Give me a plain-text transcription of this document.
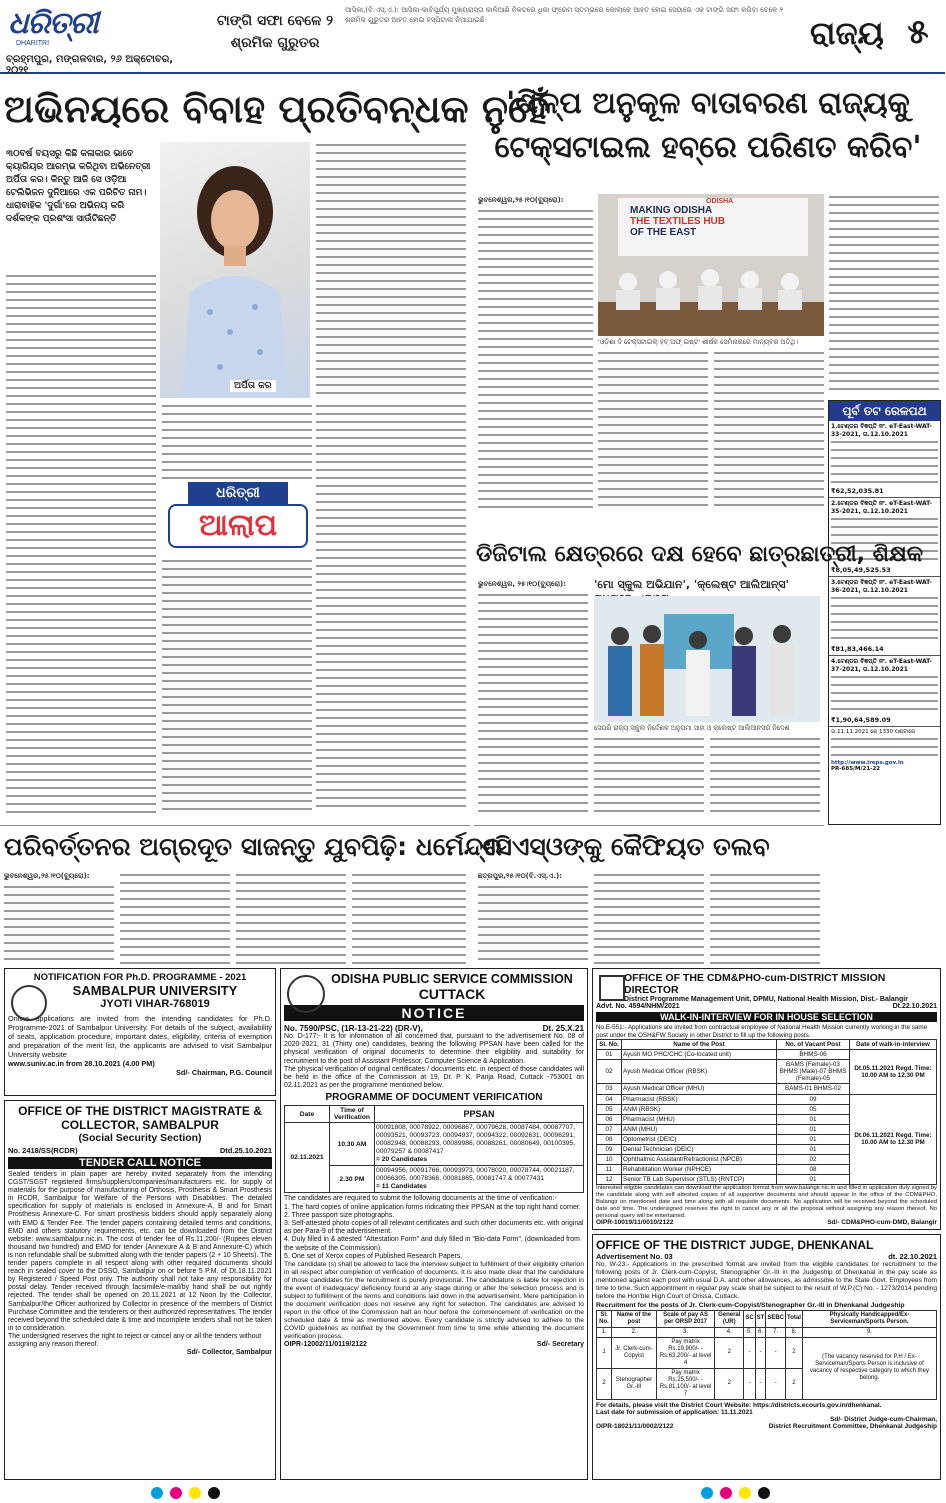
ଧରିତ୍ରୀ
DHARITRI
ବ୍ରହ୍ମପୁର, ମଙ୍ଗଳବାର, ୨୬ ଅକ୍ଟୋବର, ୨୦୨୧
ଟାଙ୍ଗି ସଫା ବେଳେ ୨
ଶ୍ରମିକ ଗୁରୁତର
ଆସିକା,(ବି.ଏସ୍.ଏ.): ଆସିକା-କାବିସୂର୍ଯ୍ୟ ମୁଖ୍ୟରାସ୍ତା କାଳିଆଣି ନିକଟରେ ଧିକା ଫ୍ରେମ ସ୍ତମ୍ଭରେ କୋଲାକେ ଆହତ ହୋଇ ସେଠାରେ ଏକ ଟାଙ୍ଗି ସଫା କରିବା ବେଳେ ୨ ଶ୍ରମିକ ଗୁରୁତର ଆହତ ହୋଇ ହସ୍ପିଟାଲ ନିଆଯାଇଛି	ରାଜ୍ୟ ୫
ଅଭିନୟରେ ବିବାହ ପ୍ରତିବନ୍ଧକ ନୁହେଁ
୩୦ବର୍ଷ ବୟସରୁ କିଛି କଳାକାର ଭାବେ କ୍ୟାରିୟର ଆରମ୍ଭ କରିଥିବା ଅଭିନେତ୍ରୀ ଅର୍ପିତା କର। କିନ୍ତୁ ଆଜି ସେ ଓଡ଼ିଆ ଟେଲିଭିଜନ ଦୁନିଆରେ ଏକ ପରିଚିତ ନାମ। ଧାରାବାହିକ 'ଦୁର୍ଗା'ରେ ଅଭିନୟ କରି ଦର୍ଶକଙ୍କ ପ୍ରଶଂସା ସାଉଁଟିଛନ୍ତି
ଅର୍ପିତା କର
ଧରିତ୍ରୀ
ଆଲାପ
'ଶିଳ୍ପ ଅନୁକୂଳ ବାତାବରଣ ରାଜ୍ୟକୁ
ଟେକ୍ସଟାଇଲ ହବ୍‌ରେ ପରିଣତ କରିବ'
ଭୁବନେଶ୍ୱର,୨୫।୧୦(ବ୍ୟୁରୋ):	ODISHA
MAKING ODISHA
THE TEXTILES HUB
OF THE EAST
'ଓଡ଼ିଶା ଦି ଟେକ୍ସଟାଇଲ୍ ହବ୍ ଅଫ୍ ଇଷ୍ଟ' ଶୀର୍ଷକ ସେମିନାରରେ ମାନ୍ୟବର ଅତିଥି।
ପୂର୍ବ ତଟ ରେଳପଥ
1.ଟେଣ୍ଡର ବିଜ୍ଞପ୍ତି ନଂ. eT-East-WAT-33-2021, ତା.12.10.2021
₹62,52,035.81
2.ଟେଣ୍ଡର ବିଜ୍ଞପ୍ତି ନଂ. eT-East-WAT-35-2021, ତା.12.10.2021
₹8,05,49,525.53
3.ଟେଣ୍ଡର ବିଜ୍ଞପ୍ତି ନଂ. eT-East-WAT-36-2021, ତା.12.10.2021
₹81,83,466.14
4.ଟେଣ୍ଡର ବିଜ୍ଞପ୍ତି ନଂ. eT-East-WAT-37-2021, ତା.12.10.2021
₹1,90,64,589.09
ତା.11.11.2021 ରେ 1330 ଘଣ୍ଟାରେ
http://www.ireps.gov.in
PR-685/M/21-22
ଡିଜିଟାଲ କ୍ଷେତ୍ରରେ ଦକ୍ଷ ହେବେ ଛାତ୍ରଛାତ୍ରୀ, ଶିକ୍ଷକ
'ମୋ ସ୍କୁଲ ଅଭିଯାନ', 'କ୍ଲେଷ୍ଟ ଆଲିଆନ୍ସ'
ଭୁବନେଶ୍ୱର, ୨୫।୧୦(ବ୍ୟୁରୋ):
ସେପରି ରାଜ୍ୟ ସ୍କୁଲ ନିର୍ଦ୍ଦେଶକ ଅନୁପମା ସାହା ଓ କ୍ଲେଷ୍ଟ ଆଲିଆନ୍ସର ନିଦେଶ
ପରିବର୍ତ୍ତନର ଅଗ୍ରଦୂତ ସାଜନ୍ତୁ ଯୁବପିଢ଼ି: ଧର୍ମେନ୍ଦ୍ର
ଭୁବନେଶ୍ୱର,୨୫।୧୦(ବ୍ୟୁରୋ):
ଏସିଏସ୍‌ଓଙ୍କୁ କୈଫିୟତ ତଲବ
ଛତ୍ରପୁର,୨୫।୧୦(ବି.ଏସ୍.ଏ.):
NOTIFICATION FOR Ph.D. PROGRAMME - 2021
SAMBALPUR UNIVERSITY
JYOTI VIHAR-768019
Online applications are invited from the intending candidates for Ph.D. Programme-2021 of Sambalpur University. For details of the subject, availability of seats, application procedure, important dates, eligibility, criteria of exemption and preparation of the merit list, the applicants are advised to visit Sambalpur University website
www.suniv.ac.in from 28.10.2021 (4.00 PM)
Sd/- Chairman, P.G. Council
OFFICE OF THE DISTRICT MAGISTRATE & COLLECTOR, SAMBALPUR
(Social Security Section)
No. 2418/SS(RCDR)	Dtd.25.10.2021
TENDER CALL NOTICE
Sealed tenders in plain paper are hereby invited separately from the intending CGST/SGST registered firms/suppliers/companies/manufacturers etc. for supply of materials for the purpose of manufacturing of Orthosis, Prosthesis & Smart Prosthesis in RCDR, Sambalpur for Welfare of the Persons with Disabilities. The detailed specification for supply of materials is enclosed in Annexure-A, B and for Smart Prosthesis Annexure-C. For smart prosthesis bidders should apply separately along with EMD & Tender Fee. The tender papers containing detailed terms and conditions, EMD and others statutory requirements, etc. can be downloaded from the District website: www.sambalpur.nic.in. The cost of tender fee of Rs.11,200/- (Rupees eleven thousand two hundred) and EMD for tender (Annexure A & B and Annexure-C) which is non refundable shall be submitted along with the tender papers (2 + 10 Sheets). The tender papers complete in all respect along with other required documents should reach in sealed cover to the DSSO, Sambalpur on or before 5 P.M. of Dt.18.11.2021 by Registered / Speed Post only. The authority shall not take any responsibility for postal delay. Tender received through facsimile/e-mail/by hand shall be out rightly rejected. The tender shall be opened on 20.11.2021 at 12 Noon by the Collector, Sambalpur/the Officer authorized by Collector in presence of the members of District Purchase Committee and the tenderers or their authorized representatives. The tender received beyond the scheduled date & time and incomplete tenders shall not be taken in to consideration.
The undersigned reserves the right to reject or cancel any or all the tenders without assigning any reason thereof.
Sd/- Collector, Sambalpur
ODISHA PUBLIC SERVICE COMMISSION
CUTTACK
NOTICE
No. 7590/PSC, (1R-13-21-22) (DR-V),	Dt. 25.X.21
No. D-177:- It is for information of all concerned that, pursuant to the advertisement No. 08 of 2020-2021, 31 (Thirty one) candidates, bearing the following PPSAN have been called for the physical verification of original documents to determine their eligibility and suitability for recruitment to the post of Assistant Professor, Computer Science & Application.
The physical verification of original certificates / documents etc. in respect of those candidates will be held in the office of the Commission at 19, Dr. P. K. Parija Road, Cuttack -753001 on 02.11.2021 as per the programme mentioned below.
PROGRAMME OF DOCUMENT VERIFICATION
Date	Time of Verification	PPSAN
02.11.2021	10.30 AM	00091808, 00078922, 00096867, 00079628, 00087484, 00087707, 00093521, 00093723, 00094937, 00094322, 00092631, 00096291, 00082948, 00088293, 00089986, 00088261, 00080649, 00100395, 00079257 & 00087417
= 20 Candidates
	2.30 PM	00094956, 00091766, 00093973, 00078020, 00078744, 00021187, 00066305, 00078366, 00081865, 00081747 & 00077431
= 11 Candidates
The candidates are required to submit the following documents at the time of verification:-
1. The hard copies of online application forms indicating their PPSAN at the top right hand corner.
2. Three passport size photographs.
3. Self-attested photo copies of all relevant certificates and such other documents etc. with original as per Para-9 of the advertisement.
4. Duly filled in & attested "Attestation Form" and duly filled in "Bio-data Form", (downloaded from the website of the Commission).
5. One set of Xerox copies of Published Research Papers.
The candidate (s) shall be allowed to face the interview subject to fulfillment of their eligibility criterion in all respect after completion of verification of documents. It is also made clear that the candidature of those candidates for the recruitment is purely provisional. The candidature is liable for rejection in the event of inadequacy/ deficiency found at any stage during or after the selection process and is subject to fulfillment of the terms and conditions laid down in the advertisement. Mere participation in the document verification does not reserve any right for selection. The candidates are advised to report in the office of the Commission half an hour before the commencement of verification on the scheduled date & time as mentioned above. Every candidate is strictly advised to adhere to the COVID guidelines as notified by the Government from time to time while attending the document verification process.
OIPR-12002/11/0119/2122	Sd/- Secretary
OFFICE OF THE CDM&PHO-cum-DISTRICT MISSION DIRECTOR
District Programme Management Unit, DPMU, National Health Mission, Dist.- Balangir
Advt. No. 4594/NHM/2021	Dt.22.10.2021
WALK-IN-INTERVIEW FOR IN HOUSE SELECTION
No.E-551:- Applications are invited from contractual employee of National Health Mission currently working in the same post under the OSH&FW Society in other District to fill up the following posts.
Sl. No.	Name of the Post	No. of Vacant Post	Date of walk-in-interview
01	Ayush MO PHC/CHC (Co-located unit)	BHMS-06	Dt.05.11.2021 Regd. Time: 10.00 AM to 12.30 PM
02	Ayush Medical Officer (RBSK)	BAMS (Female)-03 BHMS (Male)-07 BHMS (Female)-05	
03	Ayush Medical Officer (MHU)	BAMS-01 BHMS-02	
04	Pharmacist (RBSK)	09	Dt.06.11.2021 Regd. Time: 10.00 AM to 12.30 PM
05	ANM (RBSK)	05	
06	Pharmacist (MHU)	01	
07	ANM (MHU)	01	
08	Optometrist (DEIC)	01	
09	Dental Technician (DEIC)	01	
10	Ophthalmic Assistant/Refractionist (NPCB)	02	
11	Rehabilitation Worker (NPHCE)	08	
12	Senior TB Lab Supervisor (STLS) (RNTCP)	01	
Interested eligible candidates can download the application format from www.balangir.nic.in and filled in application duly signed by the candidate along with self attested copies of all supportive documents and should appear in the office of the CDM&PHO, Balangir on mentioned date and time along with all requisite documents. No application will be received beyond the scheduled date and time. The undersigned reserves the right to cancel any or all the proposal without assigning any reason thereof. No personal query will be entertained.
OIPR-10019/11/0010/2122	Sd/- CDM&PHO-cum-DMD, Balangir
OFFICE OF THE DISTRICT JUDGE, DHENKANAL
Advertisement No. 03	dt. 22.10.2021
No. W-23:- Applications in the prescribed format are invited from the eligible candidates for recruitment to the following posts of Jr. Clerk-cum-Copyist, Stenographer Gr.-III in the Judgeship of Dhenkanal in the pay scale as mentioned against each post with usual D.A. and other allowances, as admissible to the State Govt. Employees from time to time. Such appointment in regular pay scale shall be subject to the result of W.P.(C) No. - 1273/2014 pending before the Hon'ble High Court of Orissa, Cuttack.
Recruitment for the posts of Jr. Clerk-cum-Copyist/Stenographer Gr.-III in Dhenkanal Judgeship
Sl. No.	Name of the post	Scale of pay AS per ORSP 2017	General (UR)	SC	ST	SEBC	Total	Physically Handicapped/Ex-Serviceman/Sports Person.
1.	2.	3.	4.	5.	6.	7.	8.	9.
1	Jr. Clerk-cum-Copyist	Pay matrix Rs.19,900/- - Rs.63,200/- at level 4	2	-	-	-	2	(The vacancy reserved for P.H / Ex-Serviceman/Sports Person is inclusive of vacancy of respective category to which they belong.
2	Stenographer Gr.-III	Pay matrix Rs.25,500/- - Rs.81,100/- at level 7	2	-	-	-	2	
For details, please visit the District Court Website: https://districts.ecourts.gov.in/dhenkanal.
Last date for submission of application: 11.11.2021
Sd/- District Judge-cum-Chairman,
OIPR-18021/11/0002/2122	District Recruitment Committee, Dhenkanal Judgeship
